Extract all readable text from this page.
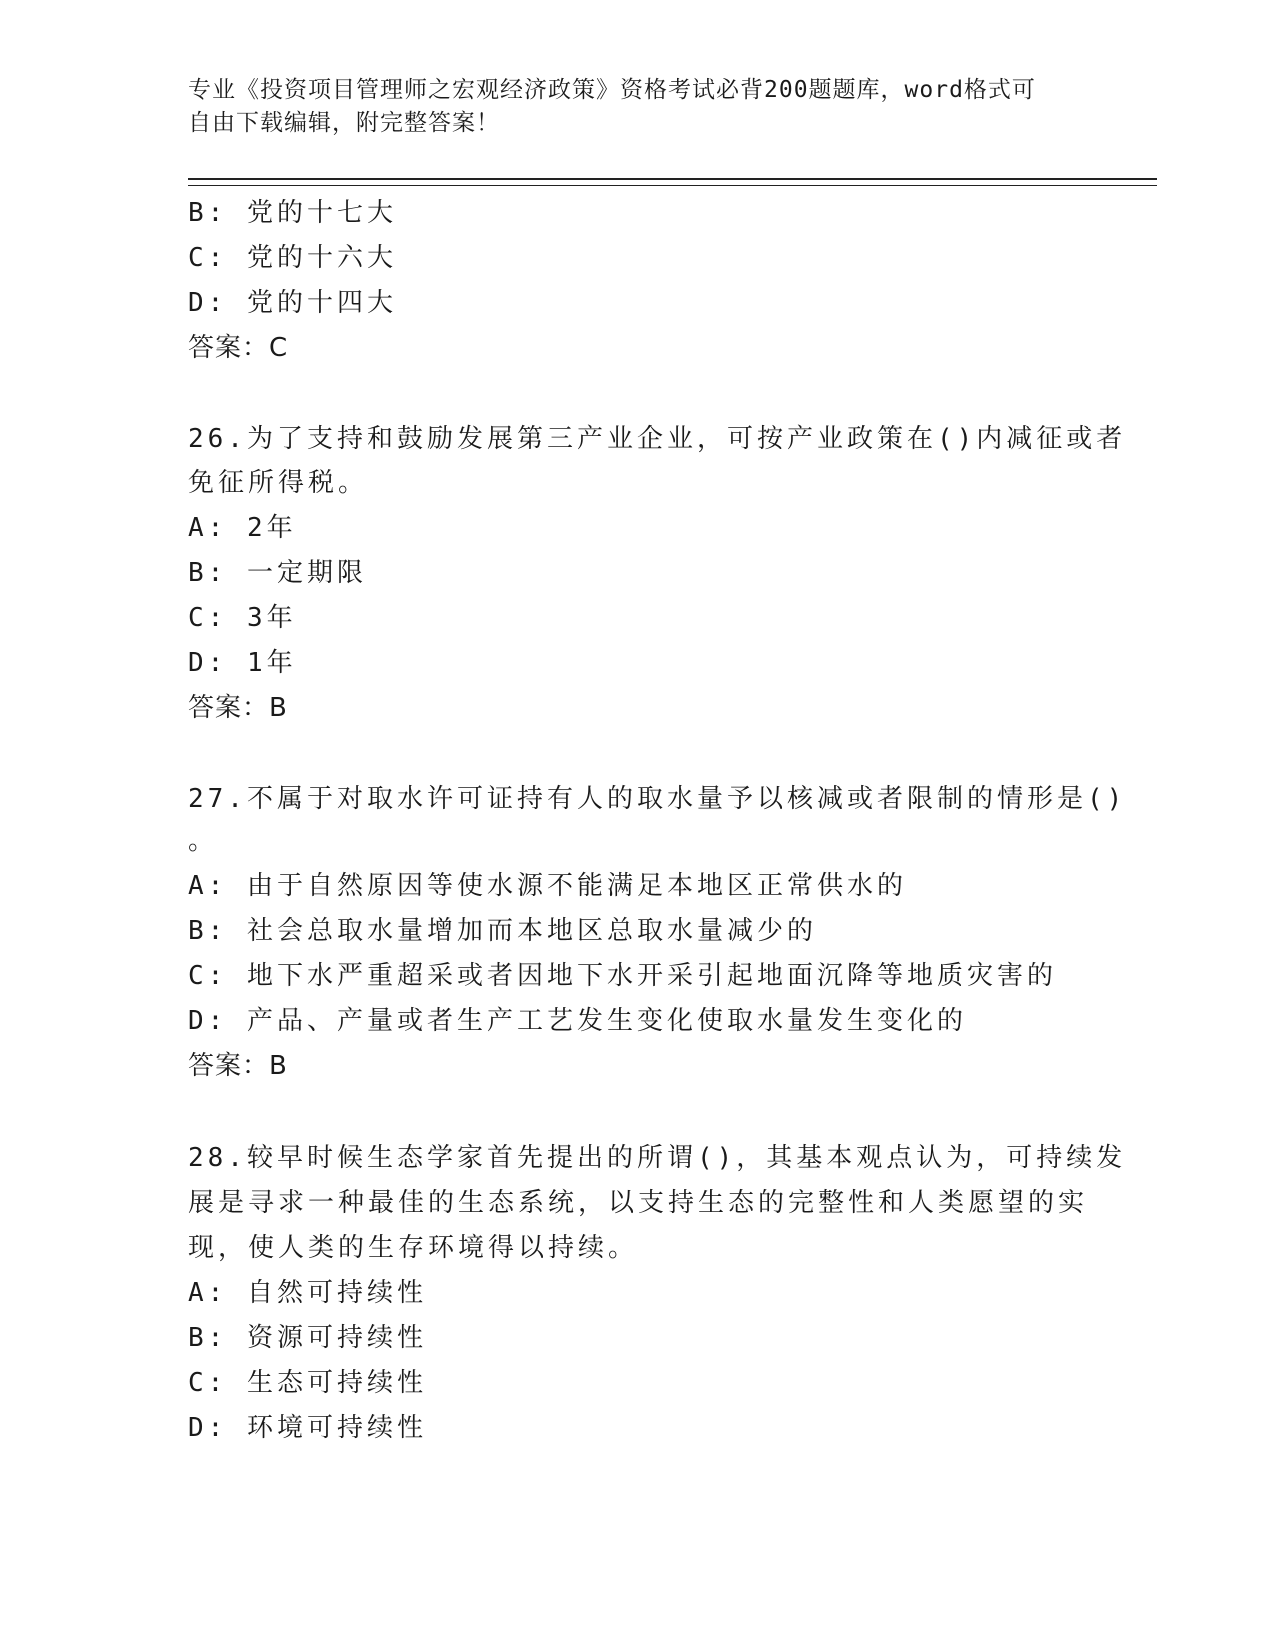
专业《投资项目管理师之宏观经济政策》资格考试必背200题题库，word格式可
自由下载编辑，附完整答案！
B: 党的十七大
C: 党的十六大
D: 党的十四大
答案：C
26.为了支持和鼓励发展第三产业企业，可按产业政策在()内减征或者
免征所得税。
A: 2年
B: 一定期限
C: 3年
D: 1年
答案：B
27.不属于对取水许可证持有人的取水量予以核减或者限制的情形是()
。
A: 由于自然原因等使水源不能满足本地区正常供水的
B: 社会总取水量增加而本地区总取水量减少的
C: 地下水严重超采或者因地下水开采引起地面沉降等地质灾害的
D: 产品、产量或者生产工艺发生变化使取水量发生变化的
答案：B
28.较早时候生态学家首先提出的所谓()，其基本观点认为，可持续发
展是寻求一种最佳的生态系统，以支持生态的完整性和人类愿望的实
现，使人类的生存环境得以持续。
A: 自然可持续性
B: 资源可持续性
C: 生态可持续性
D: 环境可持续性
